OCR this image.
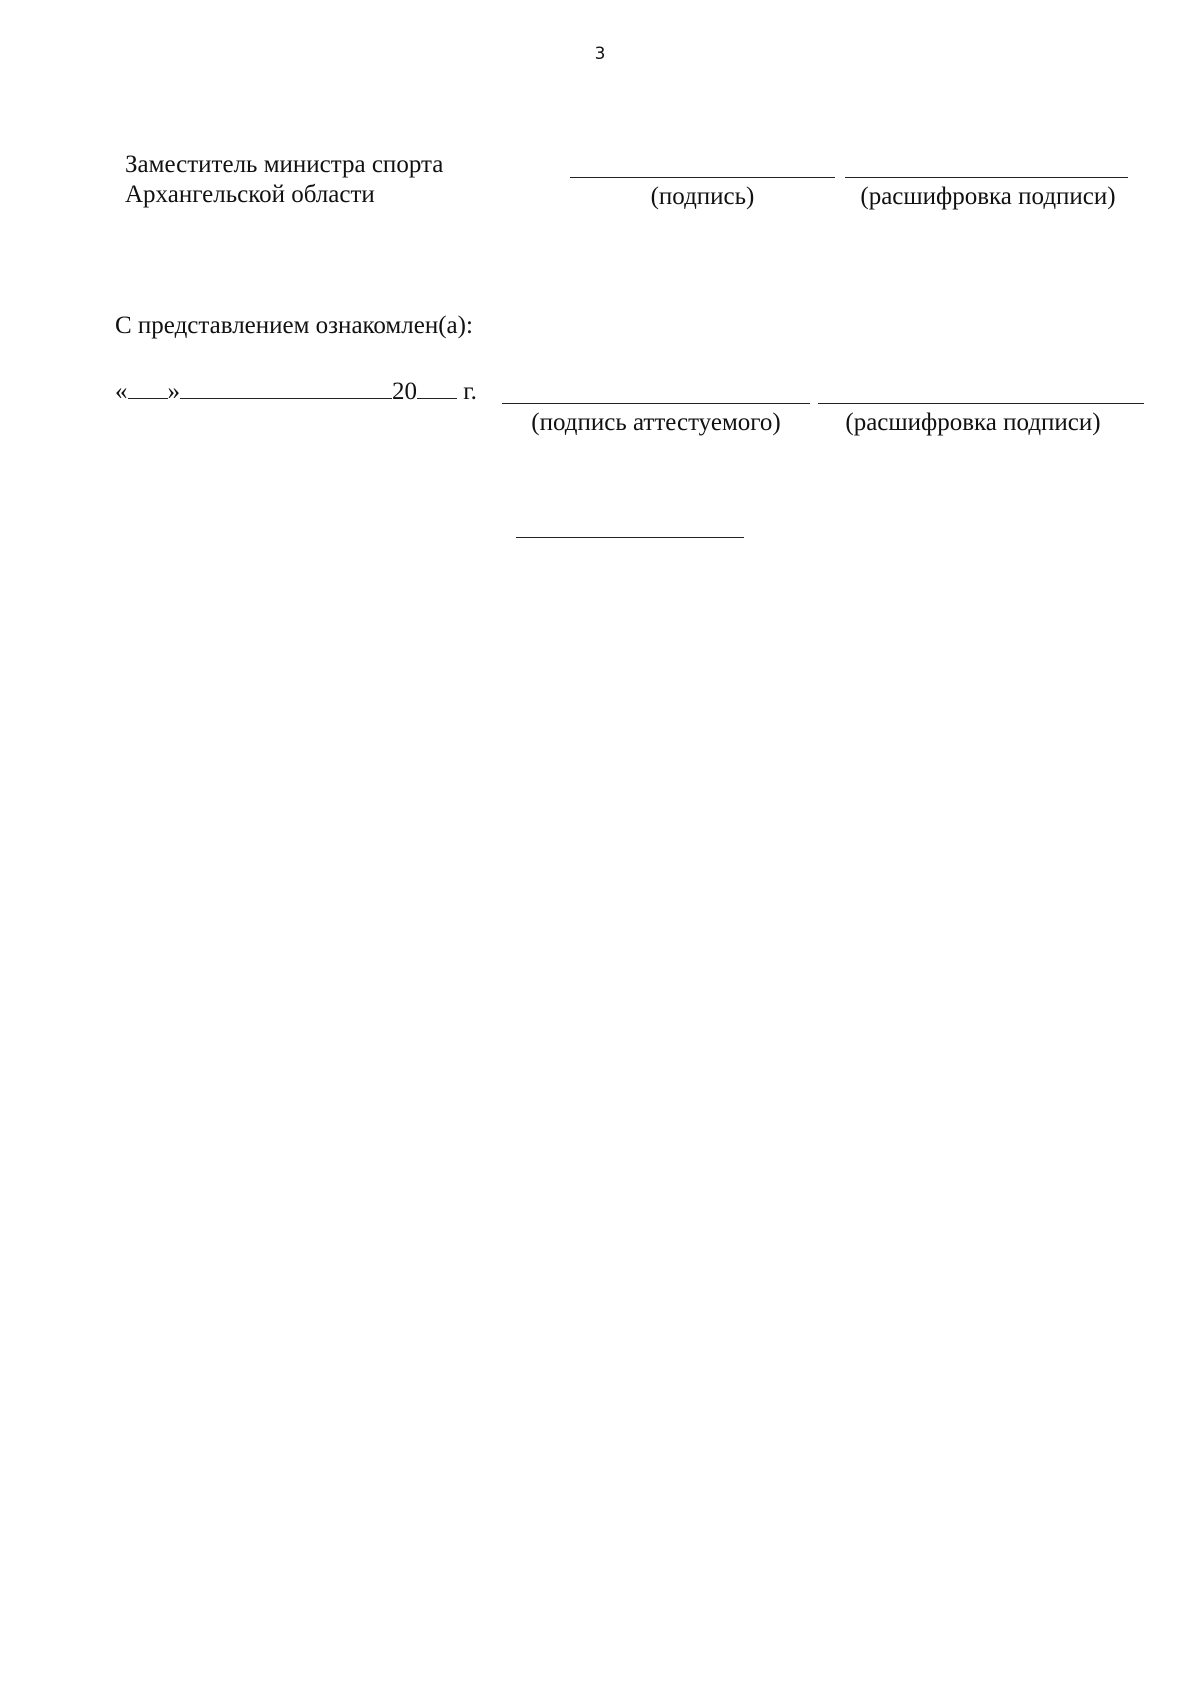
3
Заместитель министра спорта
Архангельской области	(подпись)	(расшифровка подписи)
С представлением ознакомлен(а):
« »	20 г.
(подпись аттестуемого)	(расшифровка подписи)
